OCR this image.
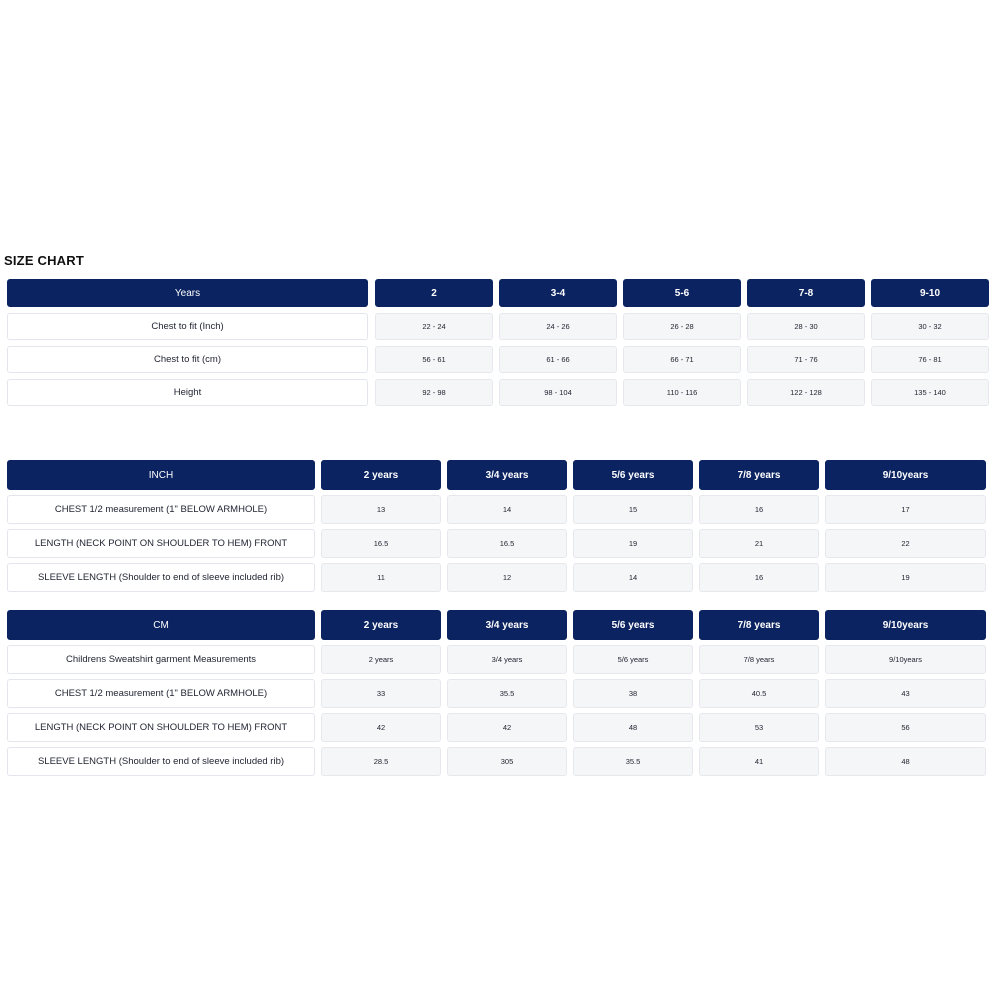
SIZE CHART
Years	2	3-4	5-6	7-8	9-10
Chest to fit (Inch)	22 - 24	24 - 26	26 - 28	28 - 30	30 - 32
Chest to fit (cm)	56 - 61	61 - 66	66 - 71	71 - 76	76 - 81
Height	92 - 98	98 - 104	110 - 116	122 - 128	135 - 140
INCH	2 years	3/4 years	5/6 years	7/8 years	9/10years
CHEST 1/2 measurement (1" BELOW ARMHOLE)	13	14	15	16	17
LENGTH (NECK POINT ON SHOULDER TO HEM) FRONT	16.5	16.5	19	21	22
SLEEVE LENGTH (Shoulder to end of sleeve included rib)	11	12	14	16	19
CM	2 years	3/4 years	5/6 years	7/8 years	9/10years
Childrens Sweatshirt garment Measurements	2 years	3/4 years	5/6 years	7/8 years	9/10years
CHEST 1/2 measurement (1" BELOW ARMHOLE)	33	35.5	38	40.5	43
LENGTH (NECK POINT ON SHOULDER TO HEM) FRONT	42	42	48	53	56
SLEEVE LENGTH (Shoulder to end of sleeve included rib)	28.5	305	35.5	41	48
